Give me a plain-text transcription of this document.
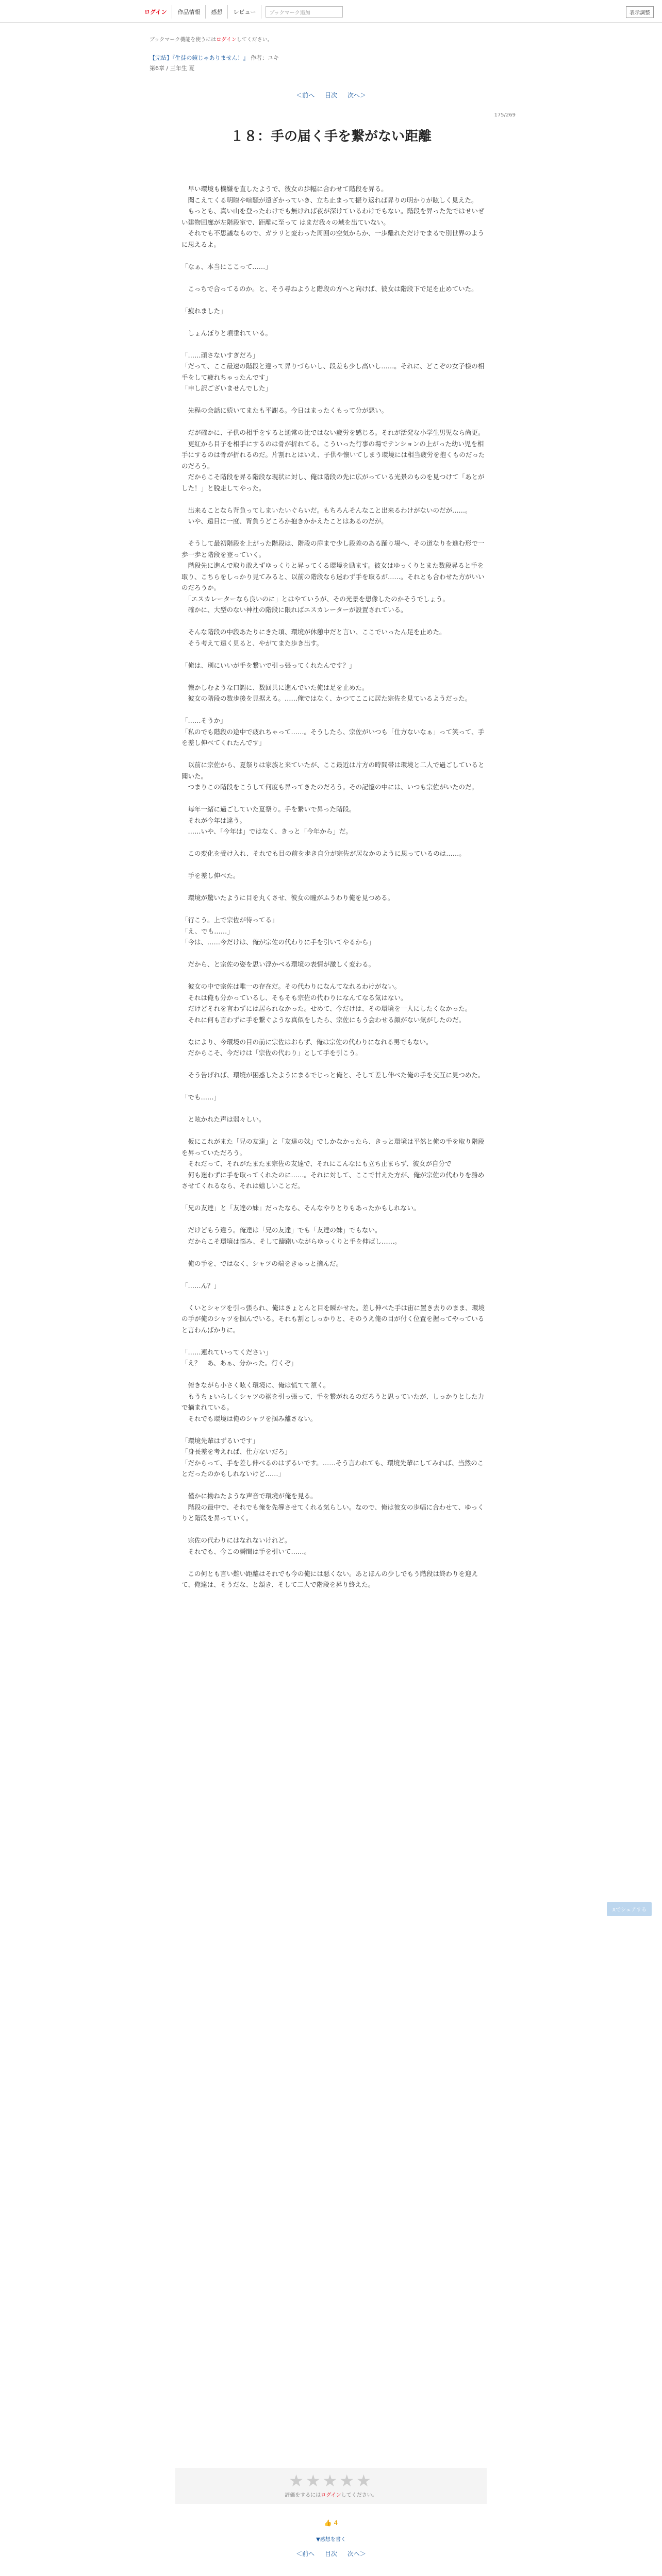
ログイン	作品情報	感想	レビュー	ブックマーク追加	表示調整
ブックマーク機能を使うにはログインしてください。
【完結】『生徒の鏡じゃありません！』 作者：ユキ
第6章 / 三年生 夏
＜前へ 目次 次へ＞
175/269
１８：手の届く手を繋がない距離
　早い環境も機嫌を直したようで、彼女の歩幅に合わせて階段を昇る。
　聞こえてくる明瞭や喧騒が遠ざかっていき、立ち止まって振り返れば昇りの明かりが眩しく見えた。
　もっとも、真い山を登ったわけでも無ければ夜が深けているわけでもない。階段を昇った先ではせいぜい建物回廊が左階段室で、距離に至って はまだ我々の域を出ていない。
　それでも不思議なもので、ガラリと変わった周囲の空気からか、一歩離れただけでまるで別世界のように思えるよ。
「なぁ、本当にここって……」
　こっちで合ってるのか。と、そう尋ねようと階段の方へと向けば、彼女は階段下で足を止めていた。
「疲れました」
　しょんぼりと項垂れている。
「……頑さないすぎだろ」
「だって、ここ最速の階段と違って昇りづらいし、段差も少し高いし……。それに、どこぞの女子様の相手をして疲れちゃったんです」
「申し訳ございませんでした」
　先程の会話に続いてまたも平謝る。今日はまったくもって分が悪い。
　だが確かに、子供の相手をすると通常の比ではない疲労を感じる。それが活発な小学生男児なら尚更。
　更紅から目子を相手にするのは骨が折れてる。こういった行事の場でテンションの上がった幼い児を相手にするのは骨が折れるのだ。片割れとはいえ、子供や懐いてしまう環境には相当疲労を抱くものだったのだろう。
　だからこそ階段を昇る階段な現状に対し、俺は階段の先に広がっている光景のものを見つけて「あとがした！」と脱走してやった。
　出来ることなら背負ってしまいたいぐらいだ。もちろんそんなこと出来るわけがないのだが……。
　いや、遠目に一度、背負うどころか抱きかかえたことはあるのだが。
　そうして最初階段を上がった階段は、階段の扉まで少し段差のある踊り場へ、その道なりを進む形で一歩一歩と階段を登っていく。
　階段先に進んで取り敢えずゆっくりと昇ってくる環境を励ます。彼女はゆっくりとまた数段昇ると手を取り、こちらをしっかり見てみると、以前の階段なら迷わず手を取るが……。それとも合わせた方がいいのだろうか。
　「エスカレーターなら良いのに」とはやていうが、その光景を想像したのかそうでしょう。
　確かに、大型のない神社の階段に限ればエスカレーターが設置されている。
　そんな階段の中段あたりにきた頃、環境が休憩中だと言い、ここでいったん足を止めた。
　そう考えて遠く見ると、やがてまた歩き出す。
「俺は、別にいいが手を繋いで引っ張ってくれたんです？」
　懐かしむような口調に、数回共に進んでいた俺は足を止めた。
　彼女の階段の数歩後を見据える。……俺ではなく、かつてここに居た宗佐を見ているようだった。
「……そうか」
「私のでも階段の途中で疲れちゃって……。そうしたら、宗佐がいつも「仕方ないなぁ」って笑って、手を差し伸べてくれたんです」
　以前に宗佐から、夏祭りは家族と来ていたが、ここ最近は片方の時間帯は環境と二人で過ごしていると聞いた。
　つまりこの階段をこうして何度も昇ってきたのだろう。その記憶の中には、いつも宗佐がいたのだ。
　毎年一緒に過ごしていた夏祭り。手を繋いで昇った階段。
　それが今年は違う。
　……いや、「今年は」ではなく、きっと「今年から」だ。
　この変化を受け入れ、それでも目の前を歩き自分が宗佐が居なかのように思っているのは……。
　手を差し伸べた。
　環境が驚いたように目を丸くさせ、彼女の瞳がふうわり俺を見つめる。
「行こう。上で宗佐が待ってる」
「え、でも……」
「今は、……今だけは、俺が宗佐の代わりに手を引いてやるから」
　だから、と宗佐の姿を思い浮かべる環境の表情が激しく変わる。
　彼女の中で宗佐は唯一の存在だ。その代わりになんてなれるわけがない。
　それは俺も分かっているし、そもそも宗佐の代わりになんてなる気はない。
　だけどそれを言わずには居られなかった。せめて、今だけは、その環境を一人にしたくなかった。
　それに何も言わずに手を繋ぐような真似をしたら、宗佐にもう会わせる顔がない気がしたのだ。
　なにより、今環境の目の前に宗佐はおらず、俺は宗佐の代わりになれる男でもない。
　だからこそ、今だけは「宗佐の代わり」として手を引こう。
　そう告げれば、環境が困惑したようにまるでじっと俺と、そして差し伸べた俺の手を交互に見つめた。
「でも……」
　と呟かれた声は弱々しい。
　仮にこれがまた「兄の友達」と「友達の妹」でしかなかったら、きっと環境は平然と俺の手を取り階段を昇っていただろう。
　それだって、それがたまたま宗佐の友達で、それにこんなにも立ち止まらず、彼女が自分で
　何も迷わずに手を取ってくれたのに……。それに対して、ここで甘えた方が、俺が宗佐の代わりを務めさせてくれるなら、それは嬉しいことだ。
「兄の友達」と「友達の妹」だったなら、そんなやりとりもあったかもしれない。
　だけどもう違う。俺達は「兄の友達」でも「友達の妹」でもない。
　だからこそ環境は悩み、そして躊躇いながらゆっくりと手を伸ばし……。
　俺の手を、ではなく、シャツの端をきゅっと摘んだ。
「……ん？」
　くいとシャツを引っ張られ、俺はきょとんと目を瞬かせた。差し伸べた手は宙に置き去りのまま、環境の手が俺のシャツを掴んでいる。それも割としっかりと、そのうえ俺の目が付く位置を握ってやっていると言わんばかりに。
「……連れていってください」
「え？　あ、あぁ、分かった。行くぞ」
　俯きながら小さく呟く環境に、俺は慌てて頷く。
　もうちょいらしくシャツの裾を引っ張って、手を繋がれるのだろうと思っていたが、しっかりとした力で摘まれている。
　それでも環境は俺のシャツを掴み離さない。
「環境先輩はずるいです」
「身長差を考えれば、仕方ないだろ」
「だからって、手を差し伸べるのはずるいです。……そう言われても、環境先輩にしてみれば、当然のことだったのかもしれないけど……」
　僅かに拗ねたような声音で環境が俺を見る。
　階段の最中で、それでも俺を先導させてくれる気らしい。なので、俺は彼女の歩幅に合わせて、ゆっくりと階段を昇っていく。
　宗佐の代わりにはなれないけれど。
　それでも、今この瞬間は手を引いて……。
　この何とも言い難い距離はそれでも今の俺には悪くない。あとほんの少しでもう階段は終わりを迎えて、俺達は、そうだな、と頷き、そして二人で階段を昇り終えた。
Xでシェアする
★★★★★
評価をするにはログインしてください。
👍 4
▼感想を書く
＜前へ 目次 次へ＞
